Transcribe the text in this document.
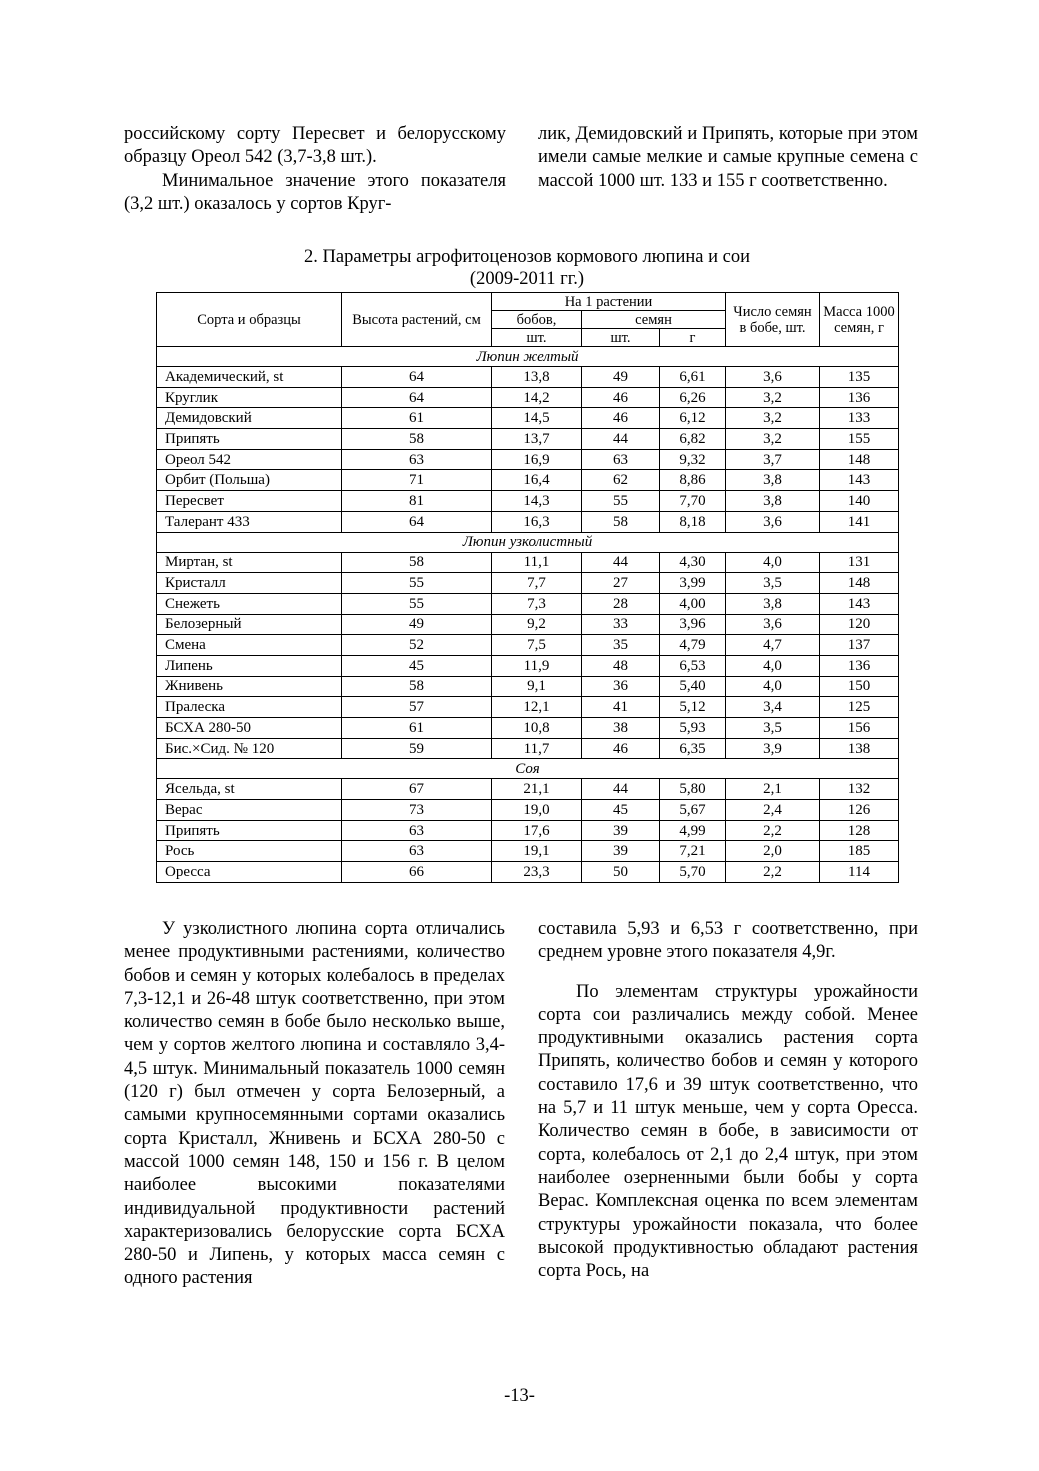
российскому сорту Пересвет и белорусскому образцу Ореол 542 (3,7-3,8 шт.).

Минимальное значение этого показателя (3,2 шт.) оказалось у сортов Круг-

лик, Демидовский и Припять, которые при этом имели самые мелкие и самые крупные семена с массой 1000 шт. 133 и 155 г соответственно.

2. Параметры агрофитоценозов кормового люпина и сои
(2009-2011 гг.)
Сорта и образцы	Высота растений, см	На 1 растении			Число семян в бобе, шт.	Масса 1000 семян, г
		бобов,	семян			
		шт.	шт.	г		
Люпин желтый						
Академический, st	64	13,8	49	6,61	3,6	135
Круглик	64	14,2	46	6,26	3,2	136
Демидовский	61	14,5	46	6,12	3,2	133
Припять	58	13,7	44	6,82	3,2	155
Ореол 542	63	16,9	63	9,32	3,7	148
Орбит (Польша)	71	16,4	62	8,86	3,8	143
Пересвет	81	14,3	55	7,70	3,8	140
Талерант 433	64	16,3	58	8,18	3,6	141
Люпин узколистный						
Миртан, st	58	11,1	44	4,30	4,0	131
Кристалл	55	7,7	27	3,99	3,5	148
Снежеть	55	7,3	28	4,00	3,8	143
Белозерный	49	9,2	33	3,96	3,6	120
Смена	52	7,5	35	4,79	4,7	137
Липень	45	11,9	48	6,53	4,0	136
Жнивень	58	9,1	36	5,40	4,0	150
Пралеска	57	12,1	41	5,12	3,4	125
БСХА 280-50	61	10,8	38	5,93	3,5	156
Бис.×Сид. № 120	59	11,7	46	6,35	3,9	138
Соя						
Ясельда, st	67	21,1	44	5,80	2,1	132
Верас	73	19,0	45	5,67	2,4	126
Припять	63	17,6	39	4,99	2,2	128
Рось	63	19,1	39	7,21	2,0	185
Оресса	66	23,3	50	5,70	2,2	114

У узколистного люпина сорта отличались менее продуктивными растениями, количество бобов и семян у которых колебалось в пределах 7,3-12,1 и 26-48 штук соответственно, при этом количество семян в бобе было несколько выше, чем у сортов желтого люпина и составляло 3,4-4,5 штук. Минимальный показатель 1000 семян (120 г) был отмечен у сорта Белозерный, а самыми крупносемянными сортами оказались сорта Кристалл, Жнивень и БСХА 280-50 с массой 1000 семян 148, 150 и 156 г. В целом наиболее высокими показателями индивидуальной продуктивности растений характеризовались белорусские сорта БСХА 280-50 и Липень, у которых масса семян с одного растения

составила 5,93 и 6,53 г соответственно, при среднем уровне этого показателя 4,9г.

По элементам структуры урожайности сорта сои различались между собой. Менее продуктивными оказались растения сорта Припять, количество бобов и семян у которого составило 17,6 и 39 штук соответственно, что на 5,7 и 11 штук меньше, чем у сорта Оресса. Количество семян в бобе, в зависимости от сорта, колебалось от 2,1 до 2,4 штук, при этом наиболее озерненными были бобы у сорта Верас. Комплексная оценка по всем элементам структуры урожайности показала, что более высокой продуктивностью обладают растения сорта Рось, на

-13-
